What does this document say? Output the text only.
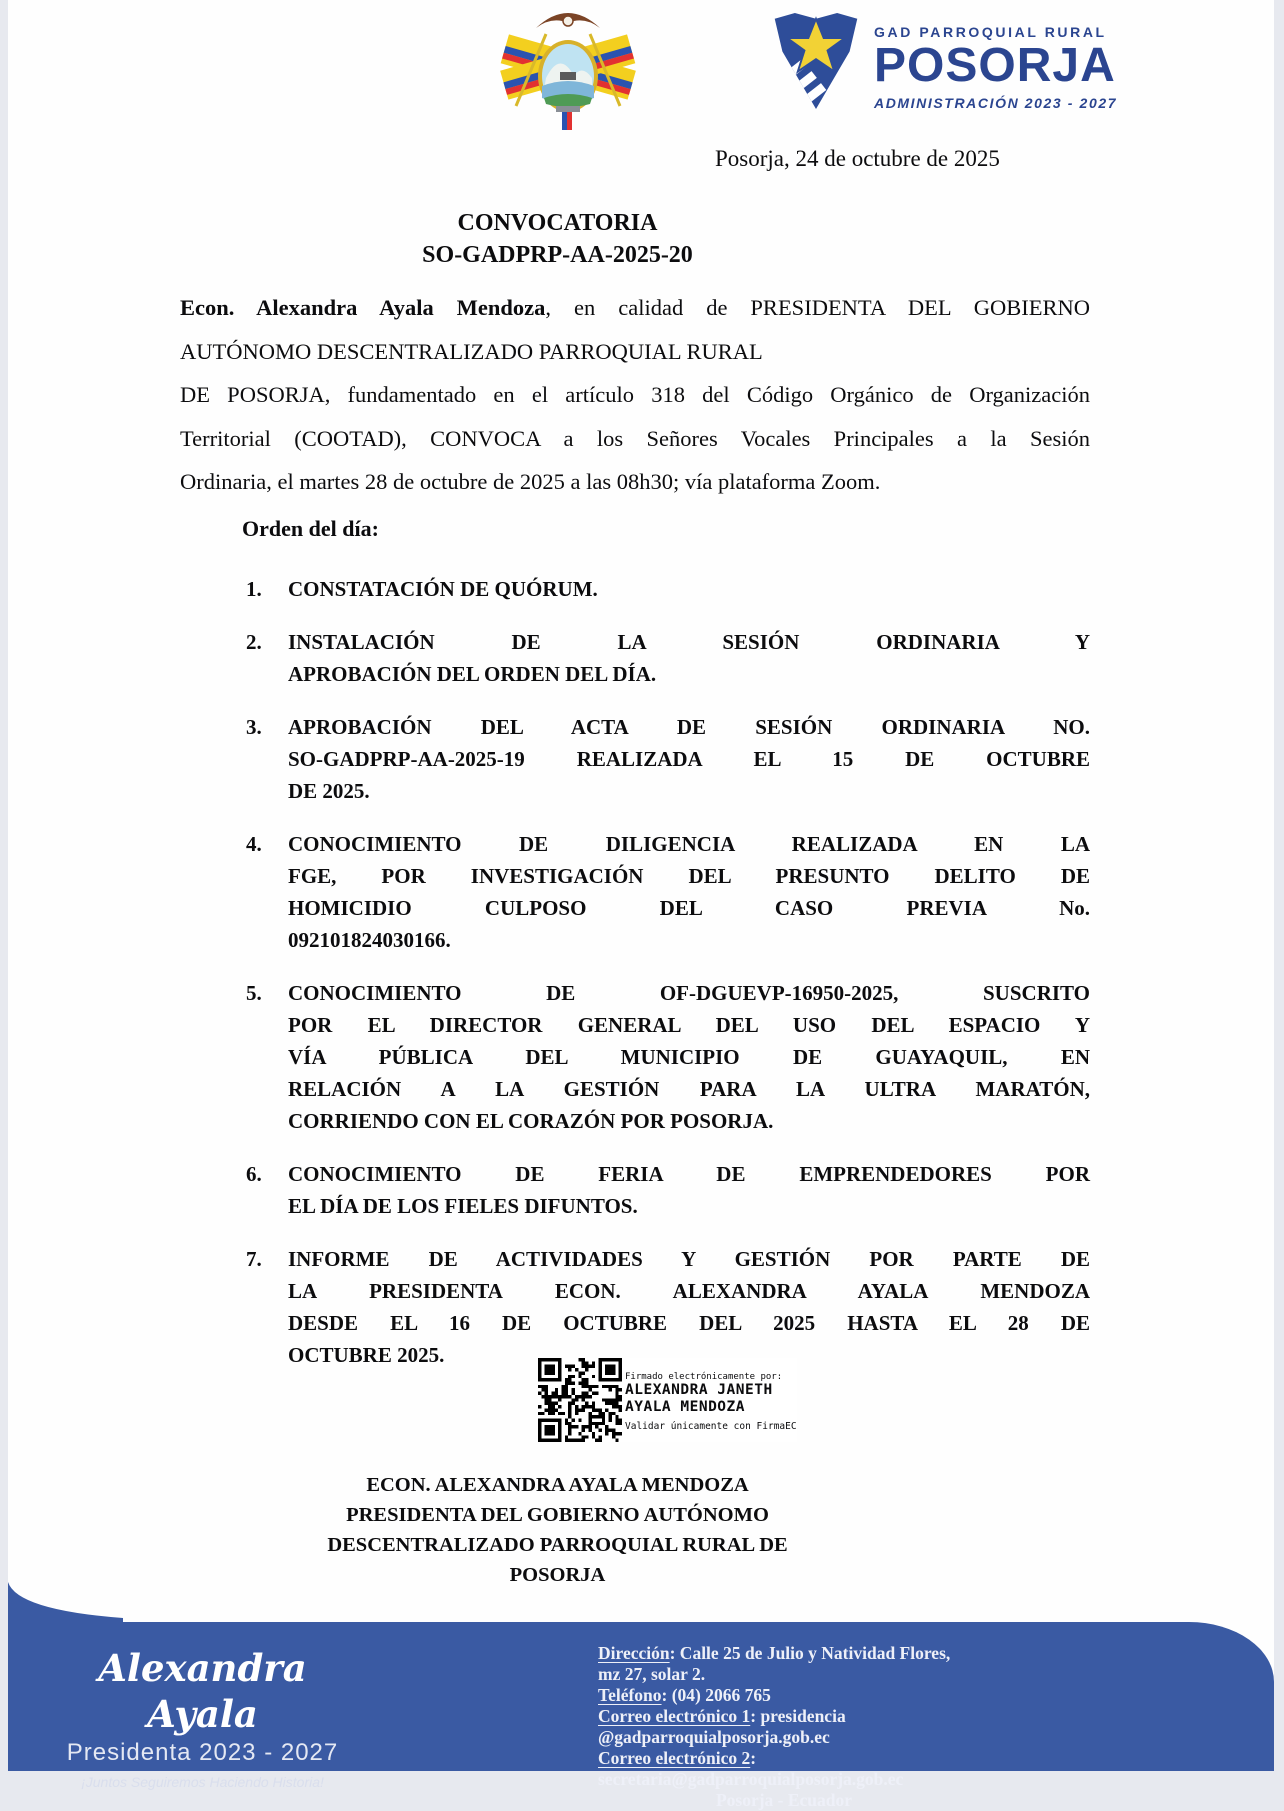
GAD PARROQUIAL RURAL
POSORJA
ADMINISTRACIÓN 2023 - 2027
Posorja, 24 de octubre de 2025
CONVOCATORIA
SO-GADPRP-AA-2025-20
Econ. Alexandra Ayala Mendoza, en calidad de PRESIDENTA DEL GOBIERNO
AUTÓNOMO DESCENTRALIZADO PARROQUIAL RURAL
DE POSORJA, fundamentado en el artículo 318 del Código Orgánico de Organización
Territorial (COOTAD), CONVOCA a los Señores Vocales Principales a la Sesión
Ordinaria, el martes 28 de octubre de 2025 a las 08h30; vía plataforma Zoom.
Orden del día:
1.	CONSTATACIÓN DE QUÓRUM.
2.	INSTALACIÓN DE LA SESIÓN ORDINARIA Y
APROBACIÓN DEL ORDEN DEL DÍA.
3.	APROBACIÓN DEL ACTA DE SESIÓN ORDINARIA NO.
SO-GADPRP-AA-2025-19 REALIZADA EL 15 DE OCTUBRE
DE 2025.
4.	CONOCIMIENTO DE DILIGENCIA REALIZADA EN LA
FGE, POR INVESTIGACIÓN DEL PRESUNTO DELITO DE
HOMICIDIO CULPOSO DEL CASO PREVIA No.
092101824030166.
5.	CONOCIMIENTO DE OF-DGUEVP-16950-2025, SUSCRITO
POR EL DIRECTOR GENERAL DEL USO DEL ESPACIO Y
VÍA PÚBLICA DEL MUNICIPIO DE GUAYAQUIL, EN
RELACIÓN A LA GESTIÓN PARA LA ULTRA MARATÓN,
CORRIENDO CON EL CORAZÓN POR POSORJA.
6.	CONOCIMIENTO DE FERIA DE EMPRENDEDORES POR
EL DÍA DE LOS FIELES DIFUNTOS.
7.	INFORME DE ACTIVIDADES Y GESTIÓN POR PARTE DE
LA PRESIDENTA ECON. ALEXANDRA AYALA MENDOZA
DESDE EL 16 DE OCTUBRE DEL 2025 HASTA EL 28 DE
OCTUBRE 2025.
Firmado electrónicamente por:
ALEXANDRA JANETH
AYALA MENDOZA
Validar únicamente con FirmaEC
ECON. ALEXANDRA AYALA MENDOZA
PRESIDENTA DEL GOBIERNO AUTÓNOMO
DESCENTRALIZADO PARROQUIAL RURAL DE
POSORJA
Alexandra Ayala
Presidenta 2023 - 2027
¡Juntos Seguiremos Haciendo Historia!
Dirección: Calle 25 de Julio y Natividad Flores, mz 27, solar 2.
Teléfono: (04) 2066 765
Correo electrónico 1: presidencia @gadparroquialposorja.gob.ec
Correo electrónico 2: secretaria@gadparroquialposorja.gob.ec
Posorja - Ecuador
